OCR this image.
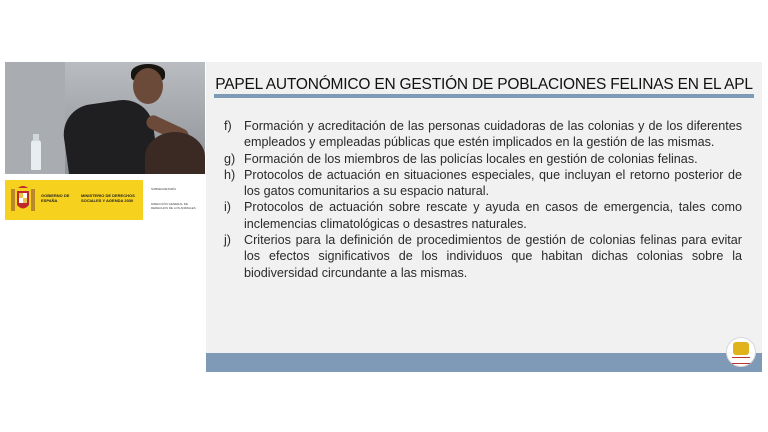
GOBIERNO DE ESPAÑA
MINISTERIO DE DERECHOS SOCIALES Y AGENDA 2030
SUBSECRETARÍA
DIRECCIÓN GENERAL DE DERECHOS DE LOS ANIMALES
PAPEL AUTONÓMICO EN GESTIÓN DE POBLACIONES FELINAS EN EL APL
f) Formación y acreditación de las personas cuidadoras de las colonias y de los diferentes empleados y empleadas públicas que estén implicados en la gestión de las mismas.
g) Formación de los miembros de las policías locales en gestión de colonias felinas.
h) Protocolos de actuación en situaciones especiales, que incluyan el retorno posterior de los gatos comunitarios a su espacio natural.
i) Protocolos de actuación sobre rescate y ayuda en casos de emergencia, tales como inclemencias climatológicas o desastres naturales.
j) Criterios para la definición de procedimientos de gestión de colonias felinas para evitar los efectos significativos de los individuos que habitan dichas colonias sobre la biodiversidad circundante a las mismas.
